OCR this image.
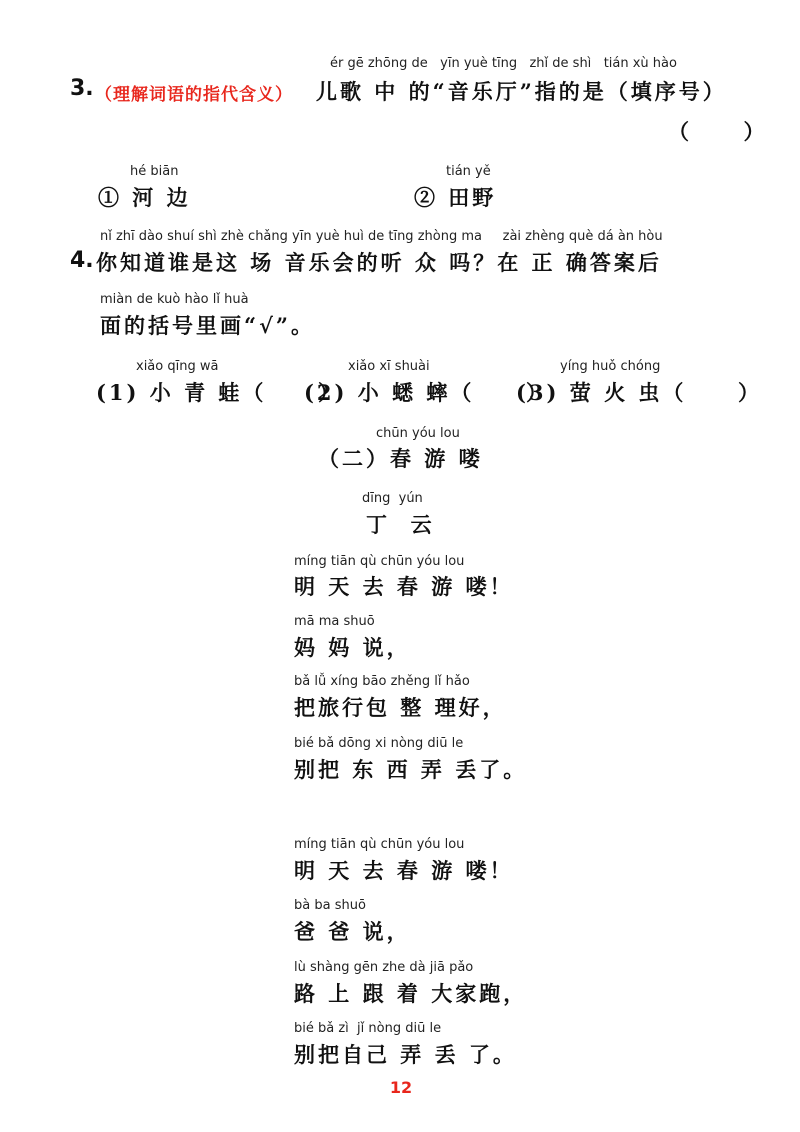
ér gē zhōng de   yīn yuè tīng   zhǐ de shì   tián xù hào
3. （理解词语的指代含义） 儿歌 中 的“音乐厅”指的是（填序号）
（     ）
hé biān
① 河 边
tián yě
② 田野
nǐ zhī dào shuí shì zhè chǎng yīn yuè huì de tīng zhòng ma     zài zhèng què dá àn hòu
4. 你知道谁是这 场 音乐会的听 众 吗？在 正 确答案后
miàn de kuò hào lǐ huà
面的括号里画“√”。
xiǎo qīng wā
(1) 小 青 蛙（     ）
xiǎo xī shuài
(2) 小 蟋 蟀（     ）
yíng huǒ chóng
(3) 萤 火 虫（     ）
chūn yóu lou
（二）春 游 喽
dīng  yún
丁  云
míng tiān qù chūn yóu lou
明 天 去 春 游 喽！
mā ma shuō
妈 妈 说，
bǎ lǚ xíng bāo zhěng lǐ hǎo
把旅行包 整 理好，
bié bǎ dōng xi nòng diū le
别把 东 西 弄 丢了。
míng tiān qù chūn yóu lou
明 天 去 春 游 喽！
bà ba shuō
爸 爸 说，
lù shàng gēn zhe dà jiā pǎo
路 上 跟 着 大家跑，
bié bǎ zì  jǐ nòng diū le
别把自己 弄 丢 了。
12
